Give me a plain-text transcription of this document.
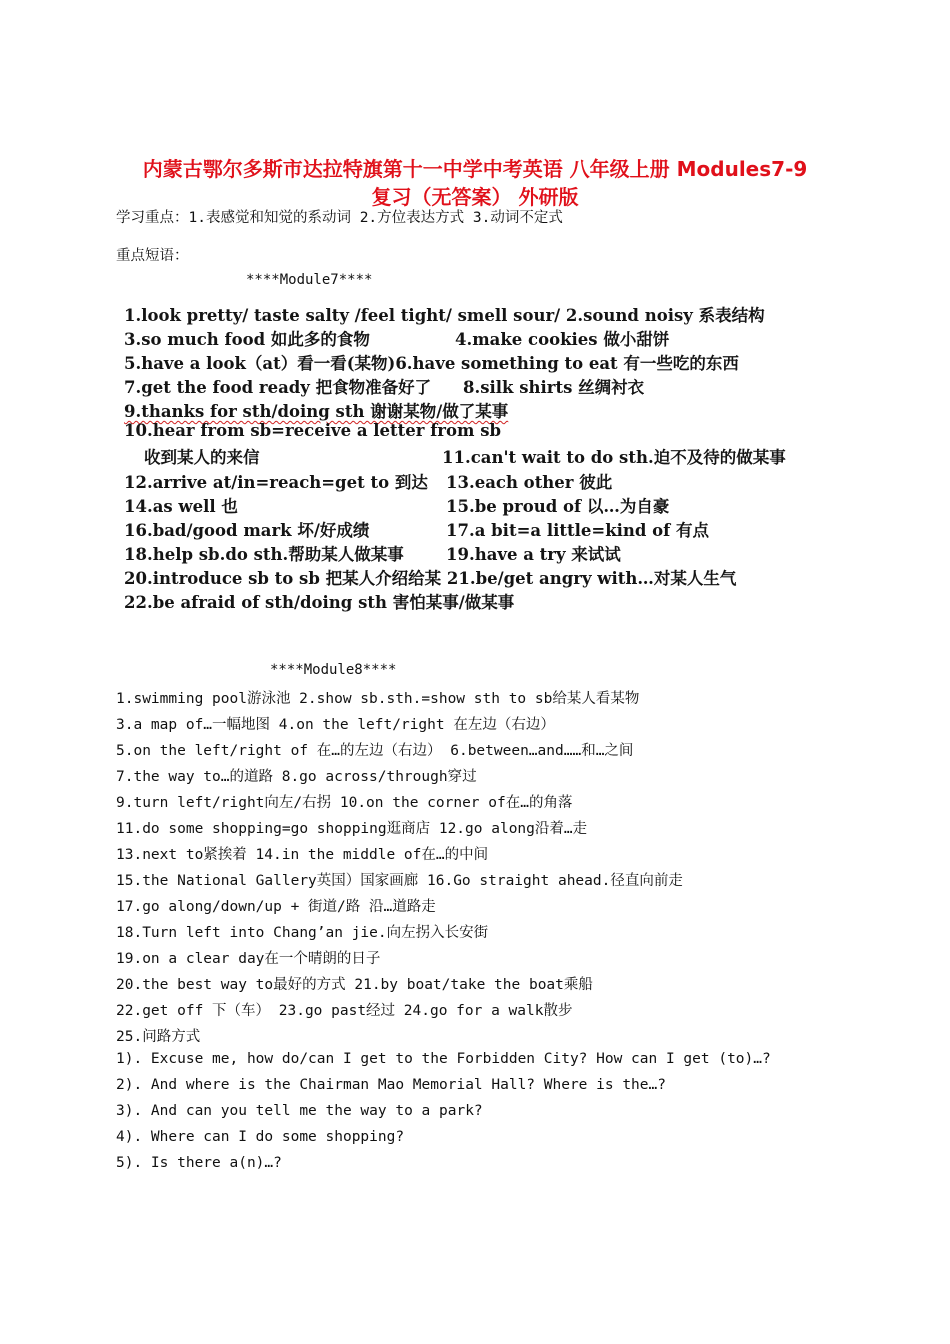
内蒙古鄂尔多斯市达拉特旗第十一中学中考英语 八年级上册 Modules7-9
复习（无答案） 外研版
学习重点：1.表感觉和知觉的系动词 2.方位表达方式 3.动词不定式
重点短语：
****Module7****
1.look pretty/ taste salty /feel tight/ smell sour/ 2.sound noisy 系表结构
3.so much food 如此多的食物	4.make cookies 做小甜饼
5.have a look（at）看一看(某物)6.have something to eat 有一些吃的东西
7.get the food ready 把食物准备好了 8.silk shirts 丝绸衬衣
9.thanks for sth/doing sth 谢谢某物/做了某事
10.hear from sb=receive a letter from sb
收到某人的来信	11.can't wait to do sth.迫不及待的做某事
12.arrive at/in=reach=get to 到达 13.each other 彼此
14.as well 也	15.be proud of 以…为自豪
16.bad/good mark 坏/好成绩	17.a bit=a little=kind of 有点
18.help sb.do sth.帮助某人做某事	19.have a try 来试试
20.introduce sb to sb 把某人介绍给某 21.be/get angry with…对某人生气
22.be afraid of sth/doing sth 害怕某事/做某事
****Module8****
1.swimming pool游泳池 2.show sb.sth.=show sth to sb给某人看某物
3.a map of…一幅地图 4.on the left/right 在左边（右边）
5.on the left/right of 在…的左边（右边） 6.between…and……和…之间
7.the way to…的道路 8.go across/through穿过
9.turn left/right向左/右拐 10.on the corner of在…的角落
11.do some shopping=go shopping逛商店 12.go along沿着…走
13.next to紧挨着 14.in the middle of在…的中间
15.the National Gallery英国）国家画廊 16.Go straight ahead.径直向前走
17.go along/down/up + 街道/路 沿…道路走
18.Turn left into Chang’an jie.向左拐入长安街
19.on a clear day在一个晴朗的日子
20.the best way to最好的方式 21.by boat/take the boat乘船
22.get off 下（车） 23.go past经过 24.go for a walk散步
25.问路方式
1). Excuse me, how do/can I get to the Forbidden City? How can I get (to)…?
2). And where is the Chairman Mao Memorial Hall? Where is the…?
3). And can you tell me the way to a park?
4). Where can I do some shopping?
5). Is there a(n)…?
